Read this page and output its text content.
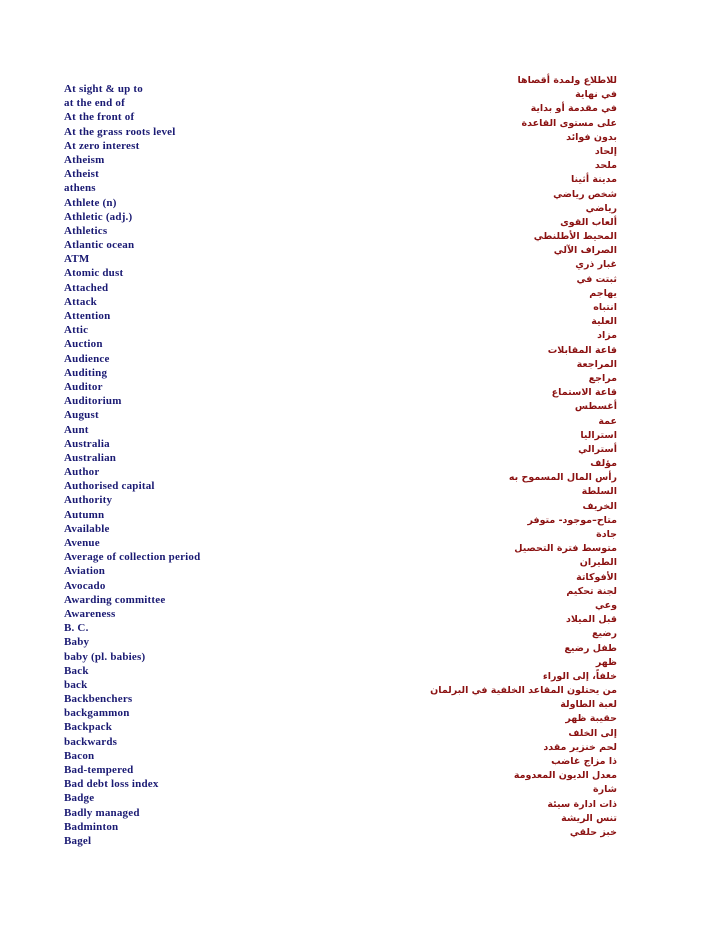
At sight & up to
at the end of
At the front of
At the grass roots level
At zero interest
Atheism
Atheist
athens
Athlete (n)
Athletic (adj.)
Athletics
Atlantic ocean
ATM
Atomic dust
Attached
Attack
Attention
Attic
Auction
Audience
Auditing
Auditor
Auditorium
August
Aunt
Australia
Australian
Author
Authorised capital
Authority
Autumn
Available
Avenue
Average of collection period
Aviation
Avocado
Awarding committee
Awareness
B. C.
Baby
baby (pl. babies)
Back
back
Backbenchers
backgammon
Backpack
backwards
Bacon
Bad-tempered
Bad debt loss index
Badge
Badly managed
Badminton
Bagel
للاطلاع ولمدة أقصاها
في نهاية
في مقدمة أو بداية
على مستوى القاعدة
بدون فوائد
إلحاد
ملحد
مدينة أثينا
شخص رياضي
رياضي
ألعاب القوى
المحيط الأطلنطي
الصراف الآلي
غبار ذري
ثبتت في
يهاجم
انتباه
العلية
مزاد
قاعة المقابلات
المراجعة
مراجع
قاعة الاستماع
أغسطس
عمة
استراليا
أسترالي
مؤلف
رأس المال المسموح به
السلطة
الخريف
متاح–موجود- متوفر
جادة
متوسط فترة التحصيل
الطيران
الأفوكاتة
لجنة تحكيم
وعي
قبل الميلاد
رضيع
طفل رضيع
ظهر
خلفاً، إلى الوراء
من يحتلون المقاعد الخلفية في البرلمان
لعبة الطاولة
حقيبة ظهر
إلى الخلف
لحم خنزير مقدد
ذا مزاج غاضب
معدل الديون المعدومة
شارة
ذات ادارة سيئة
تنس الريشة
خبز حلقي
